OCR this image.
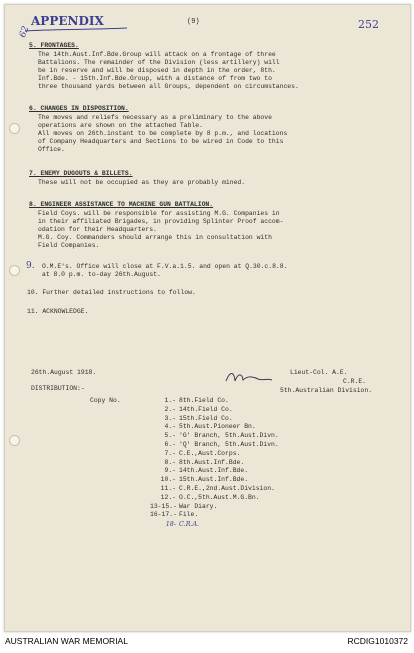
62
APPENDIX	(9)	252
5. FRONTAGES.
The 14th.Aust.Inf.Bde.Group will attack on a frontage of three
Battalions. The remainder of the Division (less artillery) will
be in reserve and will be disposed in depth in the order, 8th.
Inf.Bde. - 15th.Inf.Bde.Group, with a distance of from two to
three thousand yards between all Groups, dependent on circumstances.
6. CHANGES IN DISPOSITION.
The moves and reliefs necessary as a preliminary to the above
operations are shown on the attached Table.
All moves on 26th.instant to be complete by 8 p.m., and locations
of Company Headquarters and Sections to be wired in Code to this
Office.
7. ENEMY DUGOUTS & BILLETS.
These will not be occupied as they are probably mined.
8. ENGINEER ASSISTANCE TO MACHINE GUN BATTALION.
Field Coys. will be responsible for assisting M.G. Companies in
in their affiliated Brigades, in providing Splinter Proof accom-
odation for their Headquarters.
M.G. Coy. Commanders should arrange this in consultation with
Field Companies.
9. O.M.E's. Office will close at F.V.a.1.5. and open at Q.30.c.8.8.
at 8.0 p.m. to-day 26th.August.
10. Further detailed instructions to follow.
11. ACKNOWLEDGE.
26th.August 1918.	Lieut-Col. A.E.
C.R.E.
5th.Australian Division.
DISTRIBUTION:-
Copy No.	1.- 8th.Field Co.
2.- 14th.Field Co.
3.- 15th.Field Co.
4.- 5th.Aust.Pioneer Bn.
5.- 'G' Branch, 5th.Aust.Divn.
6.- 'Q' Branch, 5th.Aust.Divn.
7.- C.E.,Aust.Corps.
8.- 8th.Aust.Inf.Bde.
9.- 14th.Aust.Inf.Bde.
10.- 15th.Aust.Inf.Bde.
11.- C.R.E.,2nd.Aust.Division.
12.- O.C.,5th.Aust.M.G.Bn.
13-15.- War Diary.
16-17.- File.
18- C.R.A.
AUSTRALIAN WAR MEMORIAL	RCDIG1010372
